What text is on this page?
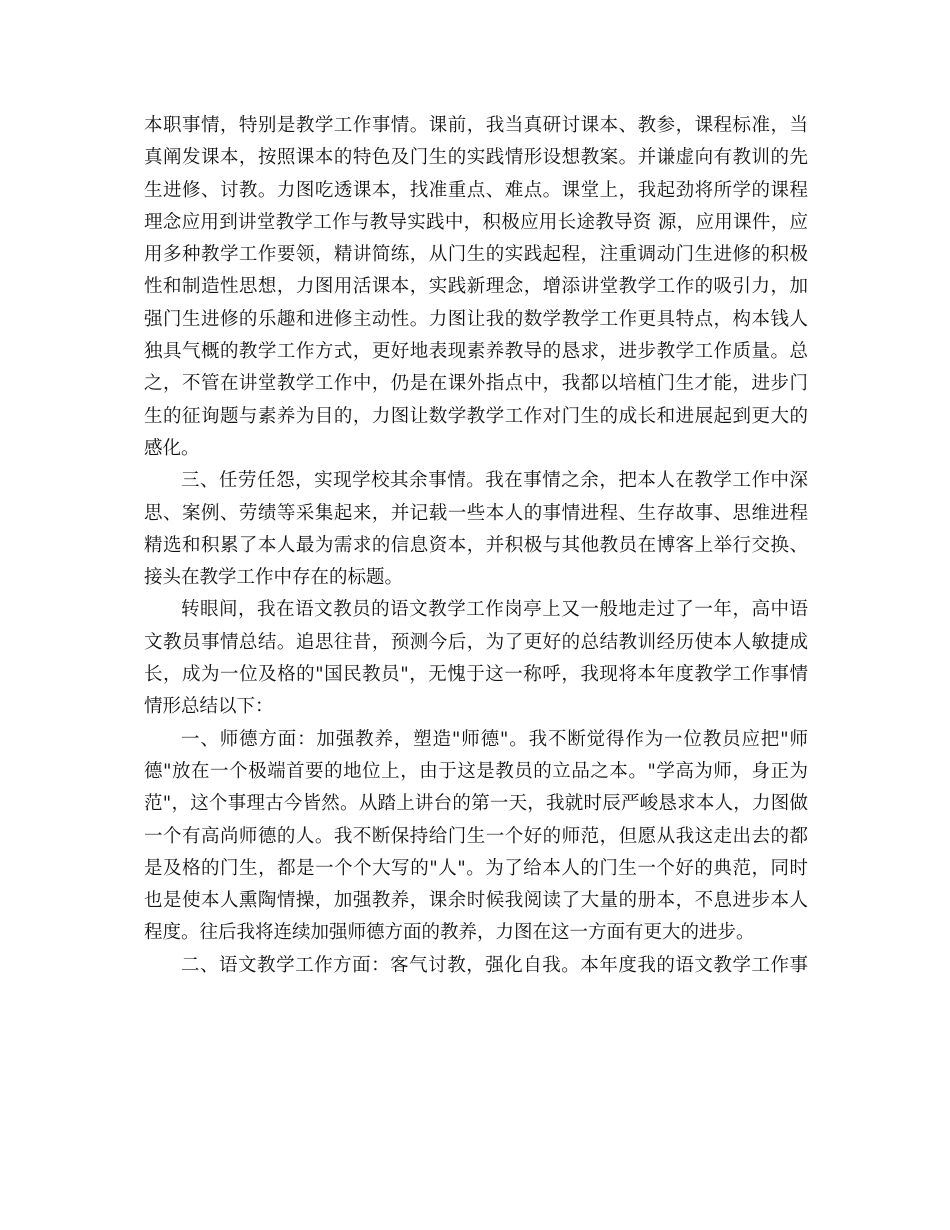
本职事情，特别是教学工作事情。课前，我当真研讨课本、教参，课程标准，当
真阐发课本，按照课本的特色及门生的实践情形设想教案。并谦虚向有教训的先
生进修、讨教。力图吃透课本，找准重点、难点。课堂上，我起劲将所学的课程
理念应用到讲堂教学工作与教导实践中，积极应用长途教导资 源，应用课件，应
用多种教学工作要领，精讲简练，从门生的实践起程，注重调动门生进修的积极
性和制造性思想，力图用活课本，实践新理念，增添讲堂教学工作的吸引力，加
强门生进修的乐趣和进修主动性。力图让我的数学教学工作更具特点，构本钱人
独具气概的教学工作方式，更好地表现素养教导的恳求，进步教学工作质量。总
之，不管在讲堂教学工作中，仍是在课外指点中，我都以培植门生才能，进步门
生的征询题与素养为目的，力图让数学教学工作对门生的成长和进展起到更大的
感化。
三、任劳任怨，实现学校其余事情。我在事情之余，把本人在教学工作中深
思、案例、劳绩等采集起来，并记载一些本人的事情进程、生存故事、思维进程
精选和积累了本人最为需求的信息资本，并积极与其他教员在博客上举行交换、
接头在教学工作中存在的标题。
转眼间，我在语文教员的语文教学工作岗亭上又一般地走过了一年，高中语
文教员事情总结。追思往昔，预测今后，为了更好的总结教训经历使本人敏捷成
长，成为一位及格的"国民教员"，无愧于这一称呼，我现将本年度教学工作事情
情形总结以下：
一、师德方面：加强教养，塑造"师德"。我不断觉得作为一位教员应把"师
德"放在一个极端首要的地位上，由于这是教员的立品之本。"学高为师，身正为
范"，这个事理古今皆然。从踏上讲台的第一天，我就时辰严峻恳求本人，力图做
一个有高尚师德的人。我不断保持给门生一个好的师范，但愿从我这走出去的都
是及格的门生，都是一个个大写的"人"。为了给本人的门生一个好的典范，同时
也是使本人熏陶情操，加强教养，课余时候我阅读了大量的册本，不息进步本人
程度。往后我将连续加强师德方面的教养，力图在这一方面有更大的进步。
二、语文教学工作方面：客气讨教，强化自我。本年度我的语文教学工作事
